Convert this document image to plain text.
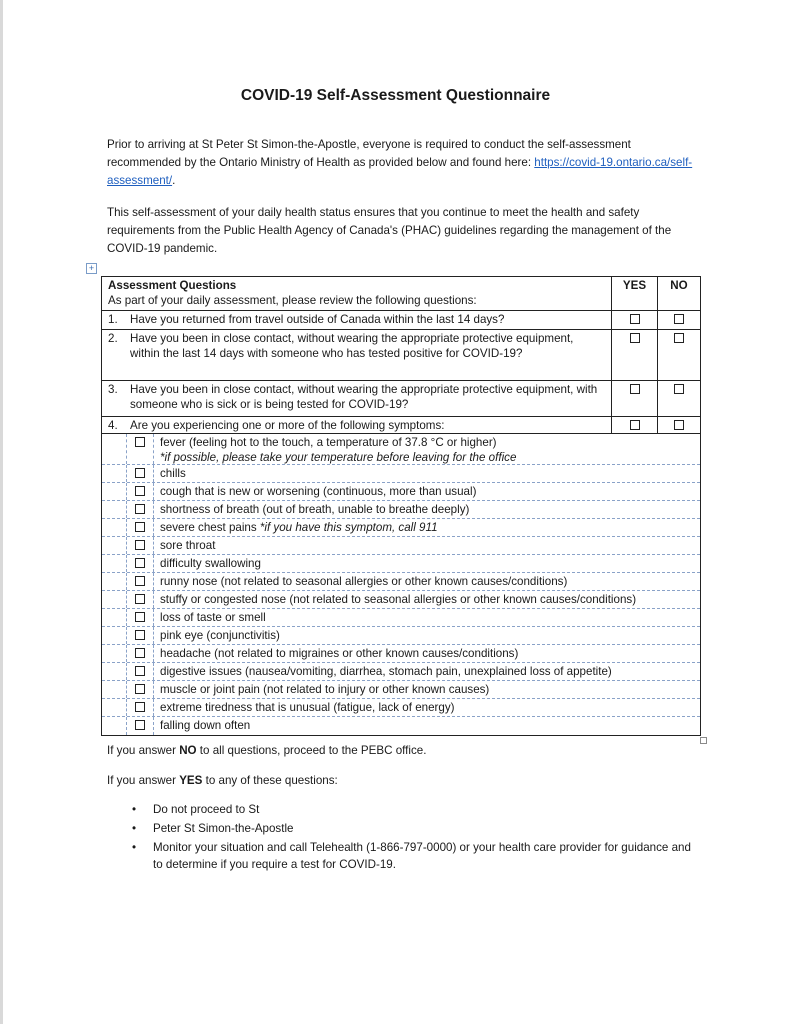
COVID-19 Self-Assessment Questionnaire
Prior to arriving at St Peter St Simon-the-Apostle, everyone is required to conduct the self-assessment recommended by the Ontario Ministry of Health as provided below and found here: https://covid-19.ontario.ca/self-assessment/.
This self-assessment of your daily health status ensures that you continue to meet the health and safety requirements from the Public Health Agency of Canada's (PHAC) guidelines regarding the management of the COVID-19 pandemic.
+
Assessment Questions
As part of your daily assessment, please review the following questions:
YES	NO
1. Have you returned from travel outside of Canada within the last 14 days?
2. Have you been in close contact, without wearing the appropriate protective equipment, within the last 14 days with someone who has tested positive for COVID-19?
3. Have you been in close contact, without wearing the appropriate protective equipment, with someone who is sick or is being tested for COVID-19?
4. Are you experiencing one or more of the following symptoms:
fever (feeling hot to the touch, a temperature of 37.8 °C or higher)
*if possible, please take your temperature before leaving for the office
chills
cough that is new or worsening (continuous, more than usual)
shortness of breath (out of breath, unable to breathe deeply)
severe chest pains *if you have this symptom, call 911
sore throat
difficulty swallowing
runny nose (not related to seasonal allergies or other known causes/conditions)
stuffy or congested nose (not related to seasonal allergies or other known causes/conditions)
loss of taste or smell
pink eye (conjunctivitis)
headache (not related to migraines or other known causes/conditions)
digestive issues (nausea/vomiting, diarrhea, stomach pain, unexplained loss of appetite)
muscle or joint pain (not related to injury or other known causes)
extreme tiredness that is unusual (fatigue, lack of energy)
falling down often
If you answer NO to all questions, proceed to the PEBC office.
If you answer YES to any of these questions:
• Do not proceed to St
• Peter St Simon-the-Apostle
• Monitor your situation and call Telehealth (1-866-797-0000) or your health care provider for guidance and to determine if you require a test for COVID-19.
